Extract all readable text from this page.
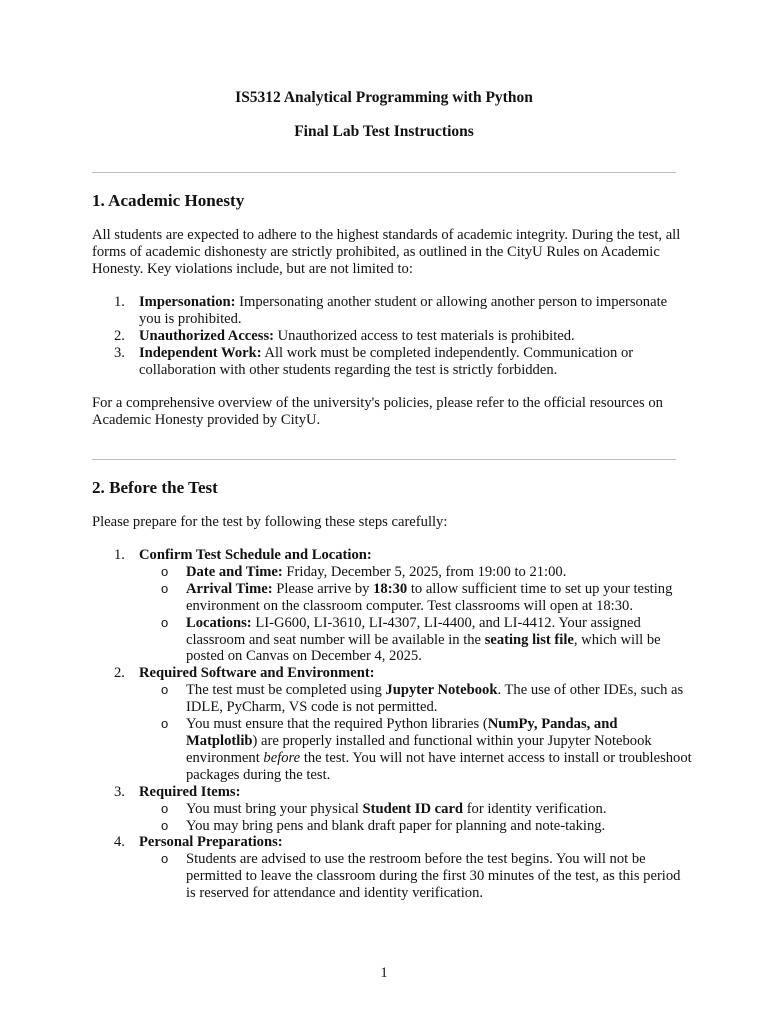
IS5312 Analytical Programming with Python
Final Lab Test Instructions
1. Academic Honesty

All students are expected to adhere to the highest standards of academic integrity. During the test, all forms of academic dishonesty are strictly prohibited, as outlined in the CityU Rules on Academic Honesty. Key violations include, but are not limited to:

1. Impersonation: Impersonating another student or allowing another person to impersonate you is prohibited.
2. Unauthorized Access: Unauthorized access to test materials is prohibited.
3. Independent Work: All work must be completed independently. Communication or collaboration with other students regarding the test is strictly forbidden.

For a comprehensive overview of the university's policies, please refer to the official resources on Academic Honesty provided by CityU.

2. Before the Test

Please prepare for the test by following these steps carefully:

1. Confirm Test Schedule and Location:
o Date and Time: Friday, December 5, 2025, from 19:00 to 21:00.
o Arrival Time: Please arrive by 18:30 to allow sufficient time to set up your testing environment on the classroom computer. Test classrooms will open at 18:30.
o Locations: LI-G600, LI-3610, LI-4307, LI-4400, and LI-4412. Your assigned classroom and seat number will be available in the seating list file, which will be posted on Canvas on December 4, 2025.
2. Required Software and Environment:
o The test must be completed using Jupyter Notebook. The use of other IDEs, such as IDLE, PyCharm, VS code is not permitted.
o You must ensure that the required Python libraries (NumPy, Pandas, and Matplotlib) are properly installed and functional within your Jupyter Notebook environment before the test. You will not have internet access to install or troubleshoot packages during the test.
3. Required Items:
o You must bring your physical Student ID card for identity verification.
o You may bring pens and blank draft paper for planning and note-taking.
4. Personal Preparations:
o Students are advised to use the restroom before the test begins. You will not be permitted to leave the classroom during the first 30 minutes of the test, as this period is reserved for attendance and identity verification.

1
